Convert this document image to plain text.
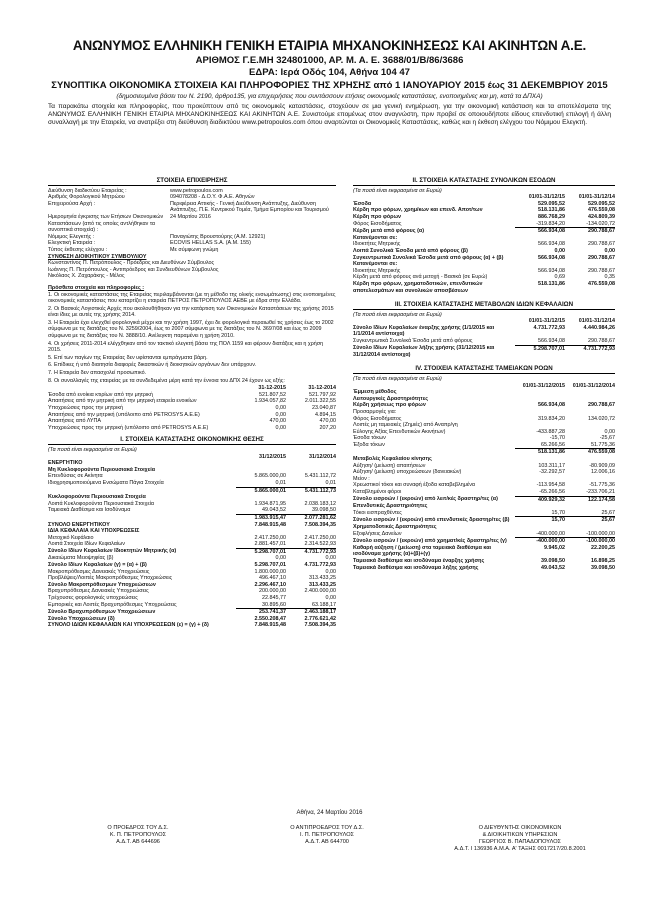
ΑΝΩΝΥΜΟΣ ΕΛΛΗΝΙΚΗ ΓΕΝΙΚΗ ΕΤΑΙΡΙΑ ΜΗΧΑΝΟΚΙΝΗΣΕΩΣ ΚΑΙ ΑΚΙΝΗΤΩΝ Α.Ε.
ΑΡΙΘΜΟΣ Γ.Ε.ΜΗ 324801000, ΑΡ. Μ. Α. Ε. 3688/01/Β/86/3686
ΕΔΡΑ: Ιερά Οδός 104, Αθήνα 104 47
ΣΥΝΟΠΤΙΚΑ ΟΙΚΟΝΟΜΙΚΑ ΣΤΟΙΧΕΙΑ ΚΑΙ ΠΛΗΡΟΦΟΡΙΕΣ ΤΗΣ ΧΡΗΣΗΣ από 1 ΙΑΝΟΥΑΡΙΟΥ 2015 έως 31 ΔΕΚΕΜΒΡΙΟΥ 2015
(δημοσιευμένα βάσει του Ν. 2190, άρθρο135, για επιχειρήσεις που συντάσσουν ετήσιες οικονομικές καταστάσεις, ενοποιημένες και μη, κατά τα ΔΠΧΑ)
Τα παρακάτω στοιχεία και πληροφορίες, που προκύπτουν από τις οικονομικές καταστάσεις, στοχεύουν σε μια γενική ενημέρωση, για την οικονομική κατάσταση και τα αποτελέσματα της ΑΝΩΝΥΜΟΣ ΕΛΛΗΝΙΚΗ ΓΕΝΙΚΗ ΕΤΑΙΡΙΑ ΜΗΧΑΝΟΚΙΝΗΣΕΩΣ ΚΑΙ ΑΚΙΝΗΤΩΝ Α.Ε. Συνιστούμε επομένως στον αναγνώστη, πριν προβεί σε οποιουδήποτε είδους επενδυτική επιλογή ή άλλη συναλλαγή με την Εταιρεία, να ανατρέξει στη διεύθυνση διαδικτύου www.petropoulos.com όπου αναρτώνται οι Οικονομικές Καταστάσεις, καθώς και η έκθεση ελέγχου του Νόμιμου Ελεγκτή.
ΣΤΟΙΧΕΙΑ ΕΠΙΧΕΙΡΗΣΗΣ
Διεύθυνση διαδικτύου Εταιρείας :	www.petropoulos.com
Αριθμός Φορολογικού Μητρώου	094078208 - Δ.Ο.Υ. Φ.Α.Ε. Αθηνών
Επιχειρούσα Αρχή :	Περιφέρεια Αττικής - Γενική Διεύθυνση Ανάπτυξης, Διεύθυνση Ανάπτυξης, Π.Ε. Κεντρικού Τομέα, Τμήμα Εμπορίου και Τουρισμού
Ημερομηνία έγκρισης των Ετήσιων Οικονομικών Καταστάσεων (από τις οποίες αντλήθηκαν τα συνοπτικά στοιχεία) :
24 Μαρτίου 2016
Νόμιμος Ελεγκτής :	Παναγιώτης Βρουστούρης (Α.Μ. 12921)
Ελεγκτική Εταιρεία :	ECOVIS HELLAS S.A. (A.M. 155)
Τύπος έκθεσης ελέγχου :	Με σύμφωνη γνώμη
ΣΥΝΘΕΣΗ ΔΙΟΙΚΗΤΙΚΟΥ ΣΥΜΒΟΥΛΙΟΥ
Κωνσταντίνος Π. Πετρόπουλος - Πρόεδρος και Διευθύνων Σύμβουλος
Ιωάννης Π. Πετρόπουλος - Αντιπρόεδρος και Συνδιευθύνων Σύμβουλος
Νικόλαος Χ. Ζαχαράκης - Μέλος
Πρόσθετα στοιχεία και πληροφορίες :
1. Οι οικονομικές καταστάσεις της Εταιρείας περιλαμβάνονται (με τη μέθοδο της ολικής ενσωμάτωσης) στις ενοποιημένες οικονομικές καταστάσεις που καταρτίζει η εταιρεία ΠΕΤΡΟΣ ΠΕΤΡΟΠΟΥΛΟΣ ΑΕΒΕ με έδρα στην Ελλάδα.
2. Οι Βασικές Λογιστικές Αρχές που ακολουθήθηκαν για την κατάρτιση των Οικονομικών Καταστάσεων της χρήσης 2015 είναι ίδιες με αυτές της χρήσης 2014.
3. Η Εταιρεία έχει ελεγχθεί φορολογικά μέχρι και την χρήση 1997, έχει δε φορολογικά περαιωθεί τις χρήσεις έως το 2002 σύμφωνα με τις διατάξεις του Ν. 3259/2004, έως το 2007 σύμφωνα με τις διατάξεις του Ν. 3697/08 και έως το 2009 σύμφωνα με τις διατάξεις του Ν. 3888/10. Ανέλεγκτη παραμένει η χρήση 2010.
4. Οι χρήσεις 2011-2014 ελέγχθηκαν από τον τακτικό ελεγκτή βάσει της ΠΟΛ 1159 και φέρουν διατάξεις και η χρήση 2015.
5. Επί των παγίων της Εταιρείας δεν υφίστανται εμπράγματα βάρη.
6. Επίδικες ή υπό διαιτησία διαφορές δικαστικών ή διοικητικών οργάνων δεν υπάρχουν.
7. Η Εταιρεία δεν απασχολεί προσωπικό.
8. Οι συναλλαγές της εταιρείας με τα συνδεδεμένα μέρη κατά την έννοια του ΔΠΧ 24 έχουν ως εξής:
	31-12-2015	31-12-2014
Έσοδα από ενοίκια κτιρίων από την μητρική	521.807,52	521.797,92
Απαιτήσεις από την μητρική από την μητρική εταιρεία ενοικίων	1.934.057,82	2.011.322,55
Υποχρεώσεις προς την μητρική	0,00	23.040,87
Απαιτήσεις από την μητρική (υπόλοιπο από PETROSYS A.E.E)	0,00	4.894,15
Απαιτήσεις από ΛΥΠΑ	470,00	470,00
Υποχρεώσεις προς την μητρική (υπόλοιπο από PETROSYS A.E.E)	0,00	207,20
I. ΣΤΟΙΧΕΙΑ ΚΑΤΑΣΤΑΣΗΣ ΟΙΚΟΝΟΜΙΚΗΣ ΘΕΣΗΣ
(Τα ποσά είναι εκφρασμένα σε Ευρώ)
	31/12/2015	31/12/2014
ΕΝΕΡΓΗΤΙΚΟ		
Μη Κυκλοφορούντα Περιουσιακά Στοιχεία		
Επενδύσεις σε Ακίνητα	5.865.000,00	5.431.112,72
Ιδιοχρησιμοποιούμενα Ενσώματα Πάγια Στοιχεία	0,01	0,01
	5.865.000,01	5.431.112,73
Κυκλοφορούντα Περιουσιακά Στοιχεία		
Λοιπά Κυκλοφορούντα Περιουσιακά Στοιχεία	1.934.871,95	2.038.183,12
Ταμειακά Διαθέσιμα και Ισοδύναμα	49.043,52	39.098,50
	1.983.915,47	2.077.281,62
ΣΥΝΟΛΟ ΕΝΕΡΓΗΤΙΚΟΥ	7.848.915,48	7.508.394,35
ΙΔΙΑ ΚΕΦΑΛΑΙΑ ΚΑΙ ΥΠΟΧΡΕΩΣΕΙΣ		
Μετοχικό Κεφάλαιο	2.417.250,00	2.417.250,00
Λοιπά Στοιχεία Ιδίων Κεφαλαίων	2.881.457,01	2.314.522,93
Σύνολο Ιδίων Κεφαλαίων Ιδιοκτητών Μητρικής (α)	5.298.707,01	4.731.772,93
Δικαιώματα Μειοψηφίας (β)	0,00	0,00
Σύνολο Ιδίων Κεφαλαίων (γ) = (α) + (β)	5.298.707,01	4.731.772,93
Μακροπρόθεσμες Δανειακές Υποχρεώσεις	1.800.000,00	0,00
Προβλέψεις/Λοιπές Μακροπρόθεσμες Υποχρεώσεις	496.467,10	313.433,25
Σύνολο Μακροπρόθεσμων Υποχρεώσεων	2.296.467,10	313.433,25
Βραχυπρόθεσμες Δανειακές Υποχρεώσεις	200.000,00	2.400.000,00
Τρέχουσες φορολογικές υποχρεώσεις	22.845,77	0,00
Εμπορικές και Λοιπές Βραχυπρόθεσμες Υποχρεώσεις	30.895,60	63.188,17
Σύνολο Βραχυπρόθεσμων Υποχρεώσεων	253.741,37	2.463.188,17
Σύνολο Υποχρεώσεων (δ)	2.550.208,47	2.776.621,42
ΣΥΝΟΛΟ ΙΔΙΩΝ ΚΕΦΑΛΑΙΩΝ ΚΑΙ ΥΠΟΧΡΕΩΣΕΩΝ (ε) = (γ) + (δ)	7.848.915,48	7.508.394,35
II. ΣΤΟΙΧΕΙΑ ΚΑΤΑΣΤΑΣΗΣ ΣΥΝΟΛΙΚΩΝ ΕΣΟΔΩΝ
(Τα ποσά είναι εκφρασμένα σε Ευρώ)
	01/01-31/12/15	01/01-31/12/14
Έσοδα	529.095,52	529.095,52
Κέρδη προ φόρων, χρημ/κων και επενδ. Αποτ/των	518.131,86	476.559,08
Κέρδη προ φόρων	886.768,29	424.809,39
Φόρος Εισοδήματος	-319.834,20	-134.020,72
Κέρδη μετά από φόρους (α)	566.934,08	290.788,67
Κατανέμονται σε:		
Ιδιοκτήτες Μητρικής	566.934,08	290.788,67
Λοιπά Συνολικά Έσοδα μετά από φόρους (β)	0,00	0,00
Συγκεντρωτικά Συνολικά Έσοδα μετά από φόρους (α) + (β)	566.934,08	290.788,67
Κατανέμονται σε:		
Ιδιοκτήτες Μητρικής	566.934,08	290.788,67
Κέρδη μετά από φόρους ανά μετοχή - Βασικά (σε Ευρώ)	0,69	0,35
Κέρδη προ φόρων, χρηματοδοτικών, επενδυτικών αποτελεσμάτων και συνολικών αποσβέσεων	518.131,86	476.559,08
III. ΣΤΟΙΧΕΙΑ ΚΑΤΑΣΤΑΣΗΣ ΜΕΤΑΒΟΛΩΝ ΙΔΙΩΝ ΚΕΦΑΛΑΙΩΝ
(Τα ποσά είναι εκφρασμένα σε Ευρώ)
	01/01-31/12/15	01/01-31/12/14
Σύνολο Ιδίων Κεφαλαίων έναρξης χρήσης (1/1/2015 και 1/1/2014 αντίστοιχα)	4.731.772,93	4.440.984,26
Συγκεντρωτικά Συνολικά Έσοδα μετά από φόρους	566.934,08	290.788,67
Σύνολο Ιδίων Κεφαλαίων λήξης χρήσης (31/12/2015 και 31/12/2014 αντίστοιχα)	5.298.707,01	4.731.772,93
IV. ΣΤΟΙΧΕΙΑ ΚΑΤΑΣΤΑΣΗΣ ΤΑΜΕΙΑΚΩΝ ΡΟΩΝ
(Τα ποσά είναι εκφρασμένα σε Ευρώ)
	01/01-31/12/2015	01/01-31/12/2014
Έμμεση μέθοδος		
Λειτουργικές Δραστηριότητες		
Κέρδη χρήσεως προ φόρων	566.934,08	290.788,67
Προσαρμογές για:		
Φόρος Εισοδήματος	319.834,20	134.020,72
Λοιπές μη ταμειακές (Ζημιές) από Αναπρ/γη		
Εύλογης Αξίας Επενδυτικών Ακινήτων)	-433.887,28	0,00
Έσοδα τόκων	-15,70	-25,67
Έξοδα τόκων	65.266,56	51.775,36
	518.131,86	476.559,08
Μεταβολές Κεφαλαίου κίνησης		
Αύξηση/ (μείωση) απαιτήσεων	103.311,17	-80.909,09
Αύξηση/ (μείωση) υποχρεώσεων (δανειακών)	-32.292,57	12.006,16
Μείον :		
Χρεωστικοί τόκοι και συναφή έξοδα καταβεβλημένα	-113.954,58	-51.775,36
Καταβλημένοι φόροι	-65.266,56	-233.706,21
Σύνολο εισροών / (εκροών) από λειτ/κές δραστηρ/τες (α)	409.929,32	122.174,58
Επενδυτικές Δραστηριότητες		
Τόκοι εισπραχθέντες	15,70	25,67
Σύνολο εισροών / (εκροών) από επενδυτικές δραστηρ/τες (β)	15,70	25,67
Χρηματοδοτικές Δραστηριότητες		
Εξοφλήσεις Δανείων	-400.000,00	-100.000,00
Σύνολο εισροών / (εκροών) από χρηματ/κές δραστηρ/τες (γ)	-400.000,00	-100.000,00
Καθαρή αύξηση / (μείωση) στα ταμειακά διαθέσιμα και ισοδύναμα χρήσης (α)+(β)+(γ)	9.945,02	22.200,25
Ταμειακά διαθέσιμα και ισοδύναμα έναρξης χρήσης	39.098,50	16.898,25
Ταμειακά διαθέσιμα και ισοδύναμα λήξης χρήσης	49.043,52	39.098,50
Αθήνα, 24 Μαρτίου 2016
Ο ΠΡΟΕΔΡΟΣ ΤΟΥ Δ.Σ.
Κ. Π. ΠΕΤΡΟΠΟΥΛΟΣ
Α.Δ.Τ. ΑΒ 644696
Ο ΑΝΤΙΠΡΟΕΔΡΟΣ ΤΟΥ Δ.Σ.
Ι. Π. ΠΕΤΡΟΠΟΥΛΟΣ
Α.Δ.Τ. ΑΒ 644700
Ο ΔΙΕΥΘΥΝΤΗΣ ΟΙΚΟΝΟΜΙΚΩΝ
& ΔΙΟΙΚΗΤΙΚΩΝ ΥΠΗΡΕΣΙΩΝ
ΓΕΩΡΓΙΟΣ Β. ΠΑΠΑΔΟΠΟΥΛΟΣ
Α.Δ.Τ. Ι 136936 Α.Μ.Α. Α' ΤΑΞΗΣ 0017217/20.8.2001
